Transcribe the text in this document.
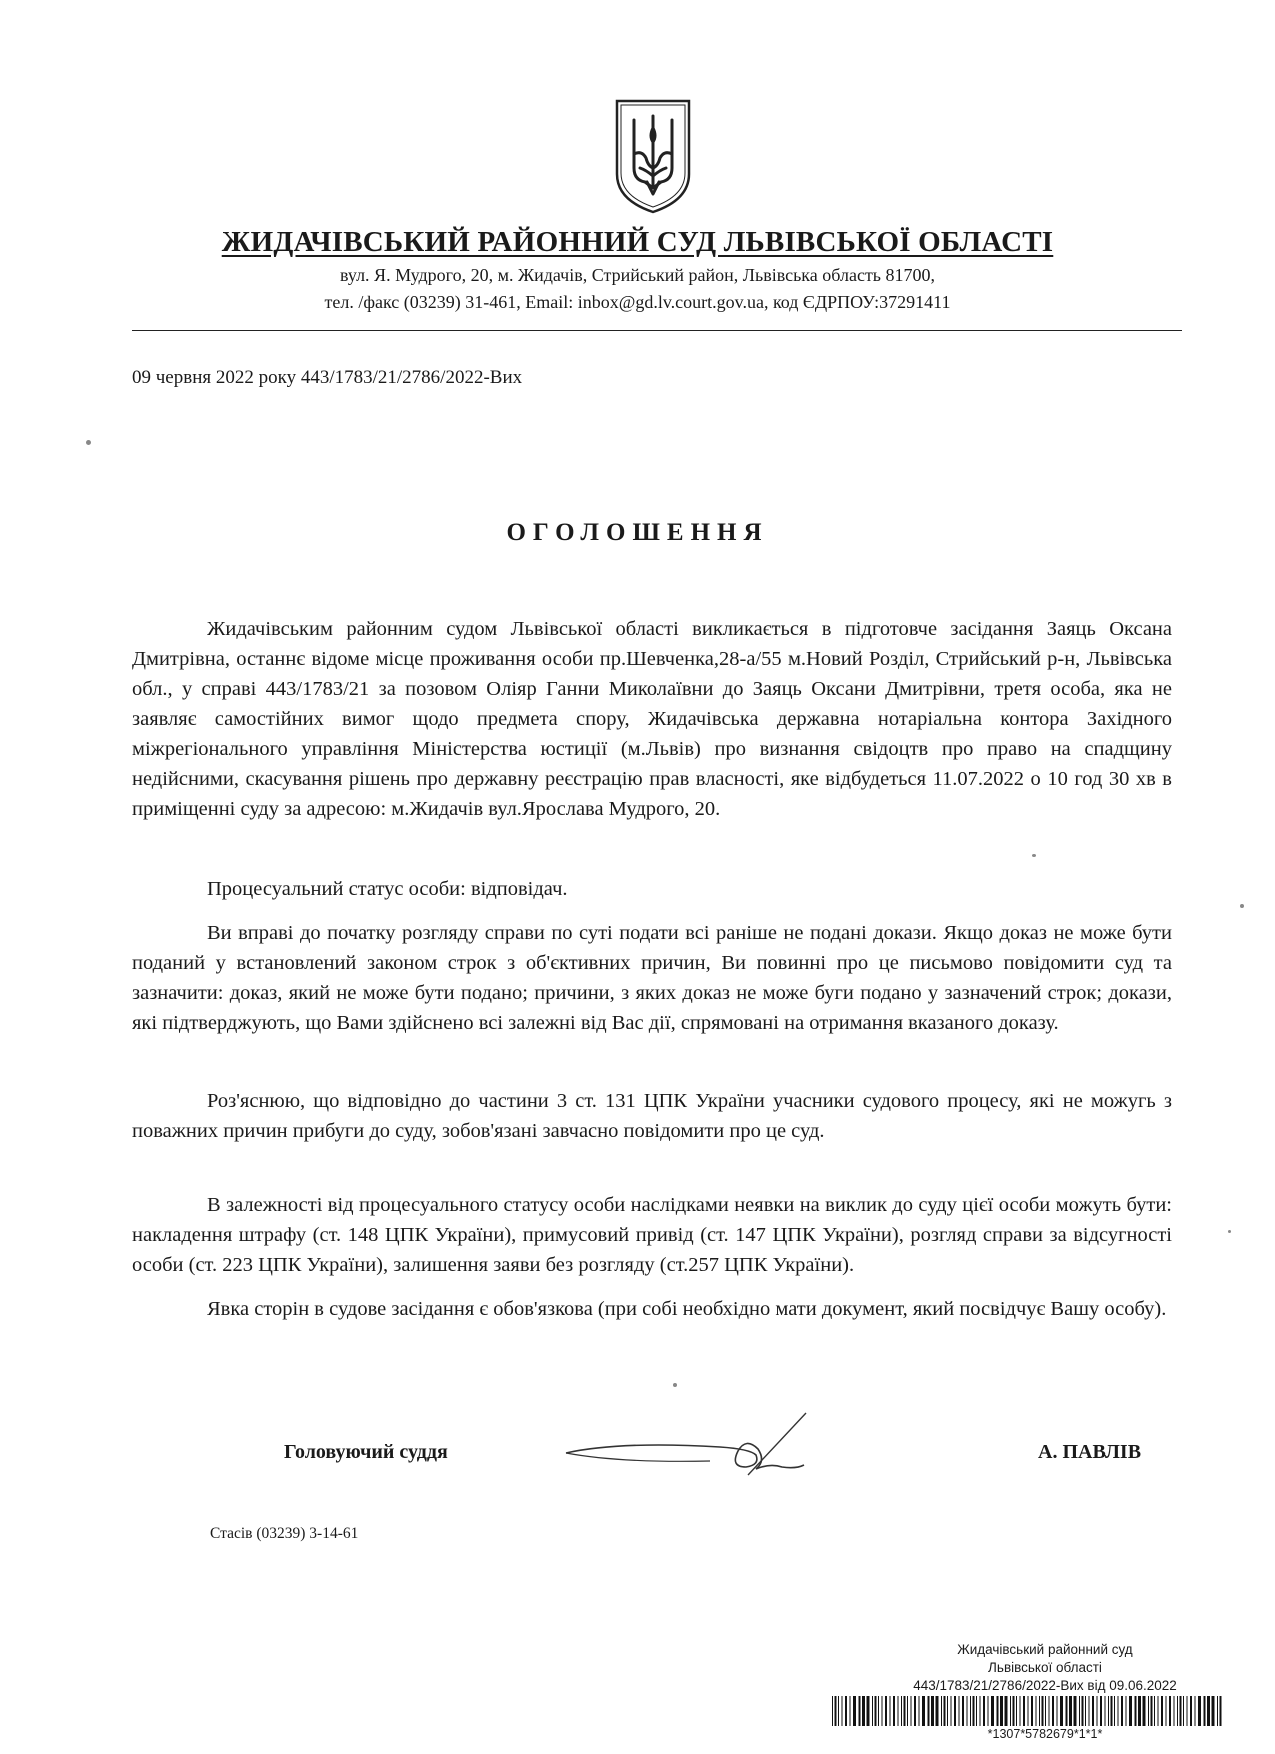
ЖИДАЧІВСЬКИЙ РАЙОННИЙ СУД ЛЬВІВСЬКОЇ ОБЛАСТІ
вул. Я. Мудрого, 20, м. Жидачів, Стрийський район, Львівська область 81700,
тел. /факс (03239) 31-461, Email: inbox@gd.lv.court.gov.ua, код ЄДРПОУ:37291411
09 червня 2022 року 443/1783/21/2786/2022-Вих
ОГОЛОШЕННЯ

Жидачівським районним судом Львівської області викликається в підготовче засідання Заяць Оксана Дмитрівна, останнє відоме місце проживання особи пр.Шевченка,28-а/55 м.Новий Розділ, Стрийський р-н, Львівська обл., у справі 443/1783/21 за позовом Оліяр Ганни Миколаївни до Заяць Оксани Дмитрівни, третя особа, яка не заявляє самостійних вимог щодо предмета спору, Жидачівська державна нотаріальна контора Західного міжрегіонального управління Міністерства юстиції (м.Львів) про визнання свідоцтв про право на спадщину недійсними, скасування рішень про державну реєстрацію прав власності, яке відбудеться 11.07.2022 о 10 год 30 хв в приміщенні суду за адресою: м.Жидачів вул.Ярослава Мудрого, 20.

Процесуальний статус особи: відповідач.

Ви вправі до початку розгляду справи по суті подати всі раніше не подані докази. Якщо доказ не може бути поданий у встановлений законом строк з об'єктивних причин, Ви повинні про це письмово повідомити суд та зазначити: доказ, який не може бути подано; причини, з яких доказ не може буги подано у зазначений строк; докази, які підтверджують, що Вами здійснено всі залежні від Вас дії, спрямовані на отримання вказаного доказу.

Роз'яснюю, що відповідно до частини 3 ст. 131 ЦПК України учасники судового процесу, які не можугь з поважних причин прибуги до суду, зобов'язані завчасно повідомити про це суд.

В залежності від процесуального статусу особи наслідками неявки на виклик до суду цієї особи можуть бути: накладення штрафу (ст. 148 ЦПК України), примусовий привід (ст. 147 ЦПК України), розгляд справи за відсугності особи (ст. 223 ЦПК України), залишення заяви без розгляду (ст.257 ЦПК України).

Явка сторін в судове засідання є обов'язкова (при собі необхідно мати документ, який посвідчує Вашу особу).

Головуючий суддя	А. ПАВЛІВ
Стасів (03239) 3-14-61
Жидачівський районний суд
Львівської області
443/1783/21/2786/2022-Вих від 09.06.2022
*1307*5782679*1*1*
